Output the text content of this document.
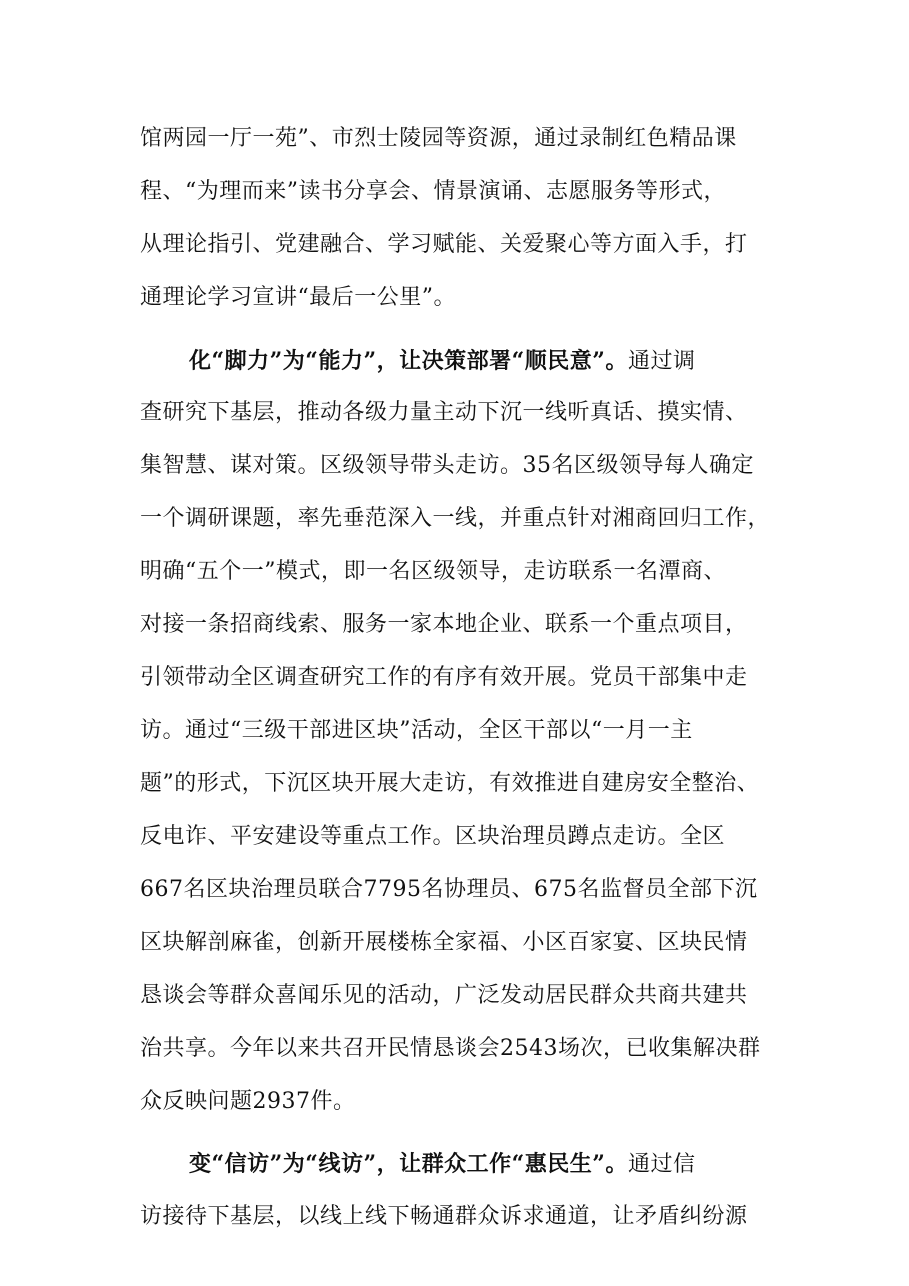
馆两园一厅一苑”、市烈士陵园等资源，通过录制红色精品课
程、“为理而来”读书分享会、情景演诵、志愿服务等形式，
从理论指引、党建融合、学习赋能、关爱聚心等方面入手，打
通理论学习宣讲“最后一公里”。
化“脚力”为“能力”，让决策部署“顺民意”。通过调
查研究下基层，推动各级力量主动下沉一线听真话、摸实情、
集智慧、谋对策。区级领导带头走访。35名区级领导每人确定
一个调研课题，率先垂范深入一线，并重点针对湘商回归工作，
明确“五个一”模式，即一名区级领导，走访联系一名潭商、
对接一条招商线索、服务一家本地企业、联系一个重点项目，
引领带动全区调查研究工作的有序有效开展。党员干部集中走
访。通过“三级干部进区块”活动，全区干部以“一月一主
题”的形式，下沉区块开展大走访，有效推进自建房安全整治、
反电诈、平安建设等重点工作。区块治理员蹲点走访。全区
667名区块治理员联合7795名协理员、675名监督员全部下沉
区块解剖麻雀，创新开展楼栋全家福、小区百家宴、区块民情
恳谈会等群众喜闻乐见的活动，广泛发动居民群众共商共建共
治共享。今年以来共召开民情恳谈会2543场次，已收集解决群
众反映问题2937件。
变“信访”为“线访”，让群众工作“惠民生”。通过信
访接待下基层，以线上线下畅通群众诉求通道，让矛盾纠纷源
